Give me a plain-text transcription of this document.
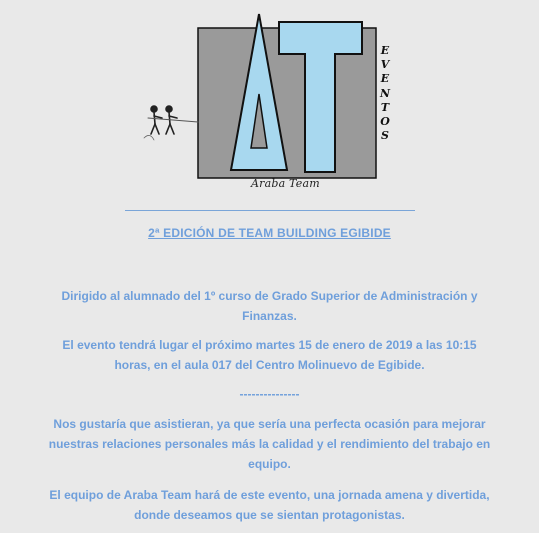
Araba Team
EVENTOS
2ª EDICIÓN DE TEAM BUILDING EGIBIDE
Dirigido al alumnado del 1º curso de Grado Superior de Administración y Finanzas.
El evento tendrá lugar el próximo martes 15 de enero de 2019 a las 10:15 horas, en el aula 017 del Centro Molinuevo de Egibide.
---------------
Nos gustaría que asistieran, ya que sería una perfecta ocasión para mejorar nuestras relaciones personales más la calidad y el rendimiento del trabajo en equipo.
El equipo de Araba Team hará de este evento, una jornada amena y divertida, donde deseamos que se sientan protagonistas.
